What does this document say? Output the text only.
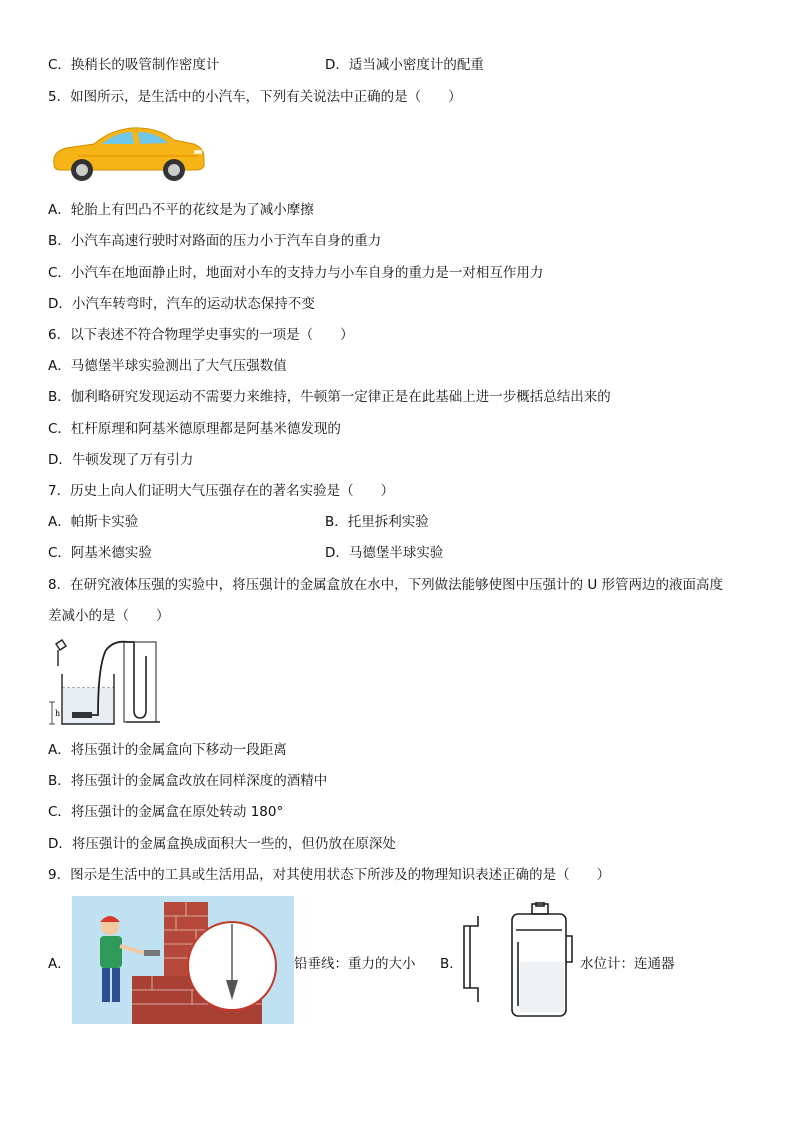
C．换稍长的吸管制作密度计	D．适当减小密度计的配重
5．如图所示，是生活中的小汽车，下列有关说法中正确的是（　　）
A．轮胎上有凹凸不平的花纹是为了减小摩擦
B．小汽车高速行驶时对路面的压力小于汽车自身的重力
C．小汽车在地面静止时，地面对小车的支持力与小车自身的重力是一对相互作用力
D．小汽车转弯时，汽车的运动状态保持不变
6．以下表述不符合物理学史事实的一项是（　　）
A．马德堡半球实验测出了大气压强数值
B．伽利略研究发现运动不需要力来维持，牛顿第一定律正是在此基础上进一步概括总结出来的
C．杠杆原理和阿基米德原理都是阿基米德发现的
D．牛顿发现了万有引力
7．历史上向人们证明大气压强存在的著名实验是（　　）
A．帕斯卡实验	B．托里拆利实验
C．阿基米德实验	D．马德堡半球实验
8．在研究液体压强的实验中，将压强计的金属盒放在水中，下列做法能够使图中压强计的 U 形管两边的液面高度
差减小的是（　　）
h
A．将压强计的金属盒向下移动一段距离
B．将压强计的金属盒改放在同样深度的酒精中
C．将压强计的金属盒在原处转动 180°
D．将压强计的金属盒换成面积大一些的，但仍放在原深处
9．图示是生活中的工具或生活用品，对其使用状态下所涉及的物理知识表述正确的是（　　）
A．	铅垂线：重力的大小 B．	水位计：连通器
